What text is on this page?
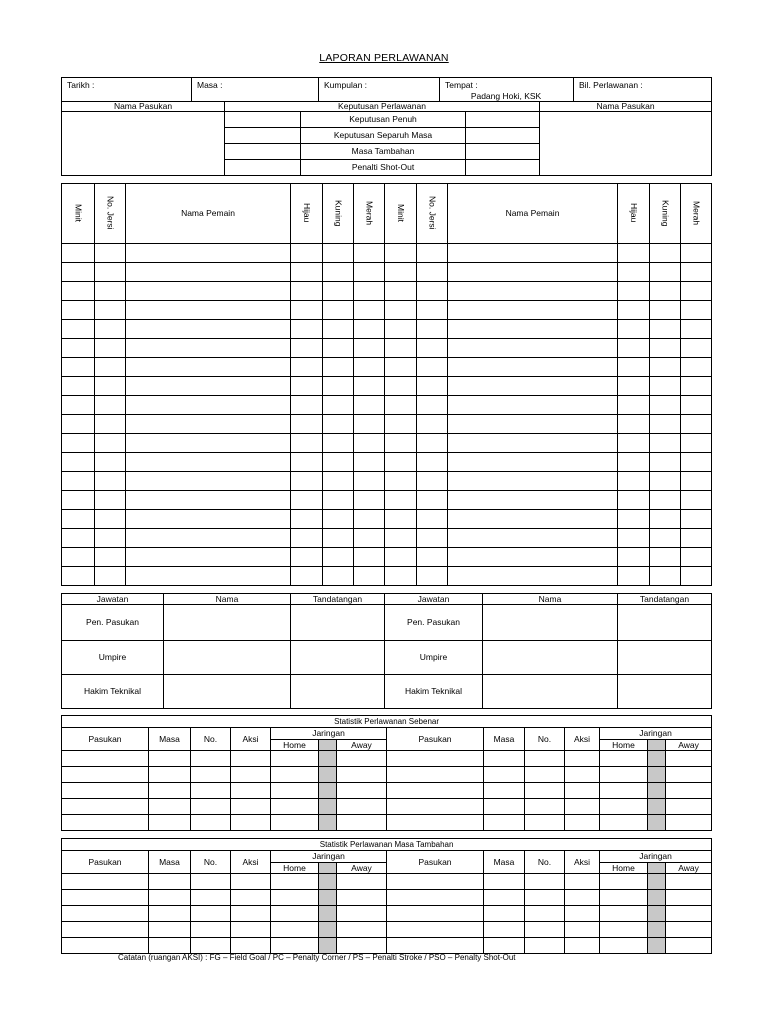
LAPORAN PERLAWANAN
Tarikh :	Masa :			Kumpulan :	Tempat :
Padang Hoki, KSK			Bil. Perlawanan :
Nama Pasukan		Keputusan Perlawanan					Nama Pasukan	
			Keputusan Penuh					
			Keputusan Separuh Masa					
			Masa Tambahan					
			Penalti Shot-Out					
Minit	No. Jersi	Nama Pemain	Hijau	Kuning	Merah	Minit	No. Jersi	Nama Pemain	Hijau	Kuning	Merah

Jawatan	Nama	Tandatangan	Jawatan	Nama	Tandatangan
Pen. Pasukan			Pen. Pasukan		
Umpire			Umpire		
Hakim Teknikal			Hakim Teknikal		
Statistik Perlawanan Sebenar													
Pasukan	Masa	No.	Aksi	Jaringan			Pasukan	Masa	No.	Aksi	Jaringan		
				Home		Away					Home		Away

Statistik Perlawanan Masa Tambahan													
Pasukan	Masa	No.	Aksi	Jaringan			Pasukan	Masa	No.	Aksi	Jaringan		
				Home		Away					Home		Away

Catatan (ruangan AKSI) : FG – Field Goal / PC – Penalty Corner / PS – Penalti Stroke / PSO – Penalty Shot-Out
